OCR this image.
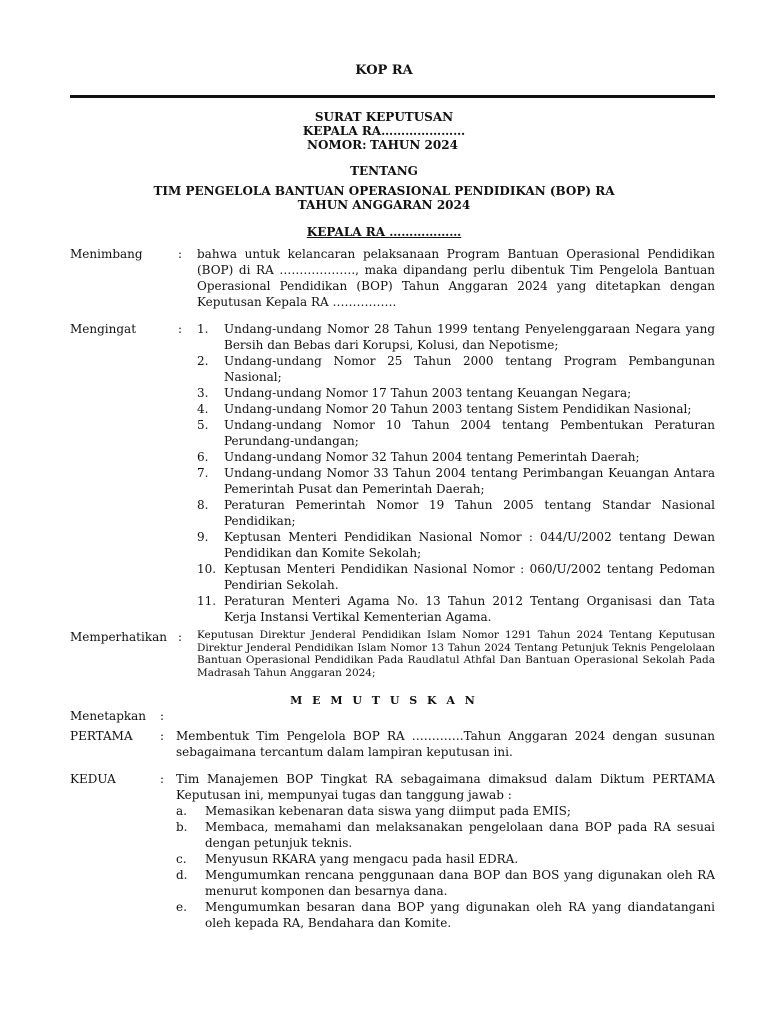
KOP RA
SURAT KEPUTUSAN
KEPALA RA…………………
NOMOR: TAHUN 2024
TENTANG
TIM PENGELOLA BANTUAN OPERASIONAL PENDIDIKAN (BOP) RA
TAHUN ANGGARAN 2024
KEPALA RA ………………
Menimbang	: bahwa untuk kelancaran pelaksanaan Program Bantuan Operasional Pendidikan (BOP) di RA ………………., maka dipandang perlu dibentuk Tim Pengelola Bantuan Operasional Pendidikan (BOP) Tahun Anggaran 2024 yang ditetapkan dengan Keputusan Kepala RA …………….
Mengingat	: 1. Undang-undang Nomor 28 Tahun 1999 tentang Penyelenggaraan Negara yang Bersih dan Bebas dari Korupsi, Kolusi, dan Nepotisme;
2. Undang-undang Nomor 25 Tahun 2000 tentang Program Pembangunan Nasional;
3. Undang-undang Nomor 17 Tahun 2003 tentang Keuangan Negara;
4. Undang-undang Nomor 20 Tahun 2003 tentang Sistem Pendidikan Nasional;
5. Undang-undang Nomor 10 Tahun 2004 tentang Pembentukan Peraturan Perundang-undangan;
6. Undang-undang Nomor 32 Tahun 2004 tentang Pemerintah Daerah;
7. Undang-undang Nomor 33 Tahun 2004 tentang Perimbangan Keuangan Antara Pemerintah Pusat dan Pemerintah Daerah;
8. Peraturan Pemerintah Nomor 19 Tahun 2005 tentang Standar Nasional Pendidikan;
9. Keptusan Menteri Pendidikan Nasional Nomor : 044/U/2002 tentang Dewan Pendidikan dan Komite Sekolah;
10. Keptusan Menteri Pendidikan Nasional Nomor : 060/U/2002 tentang Pedoman Pendirian Sekolah.
11. Peraturan Menteri Agama No. 13 Tahun 2012 Tentang Organisasi dan Tata Kerja Instansi Vertikal Kementerian Agama.
Memperhatikan : Keputusan Direktur Jenderal Pendidikan Islam Nomor 1291 Tahun 2024 Tentang Keputusan Direktur Jenderal Pendidikan Islam Nomor 13 Tahun 2024 Tentang Petunjuk Teknis Pengelolaan Bantuan Operasional Pendidikan Pada Raudlatul Athfal Dan Bantuan Operasional Sekolah Pada Madrasah Tahun Anggaran 2024;
M E M U T U S K A N
Menetapkan :
PERTAMA : Membentuk Tim Pengelola BOP RA ………….Tahun Anggaran 2024 dengan susunan sebagaimana tercantum dalam lampiran keputusan ini.
KEDUA	: Tim Manajemen BOP Tingkat RA sebagaimana dimaksud dalam Diktum PERTAMA Keputusan ini, mempunyai tugas dan tanggung jawab :
a. Memasikan kebenaran data siswa yang diimput pada EMIS;
b. Membaca, memahami dan melaksanakan pengelolaan dana BOP pada RA sesuai dengan petunjuk teknis.
c. Menyusun RKARA yang mengacu pada hasil EDRA.
d. Mengumumkan rencana penggunaan dana BOP dan BOS yang digunakan oleh RA menurut komponen dan besarnya dana.
e. Mengumumkan besaran dana BOP yang digunakan oleh RA yang diandatangani oleh kepada RA, Bendahara dan Komite.
